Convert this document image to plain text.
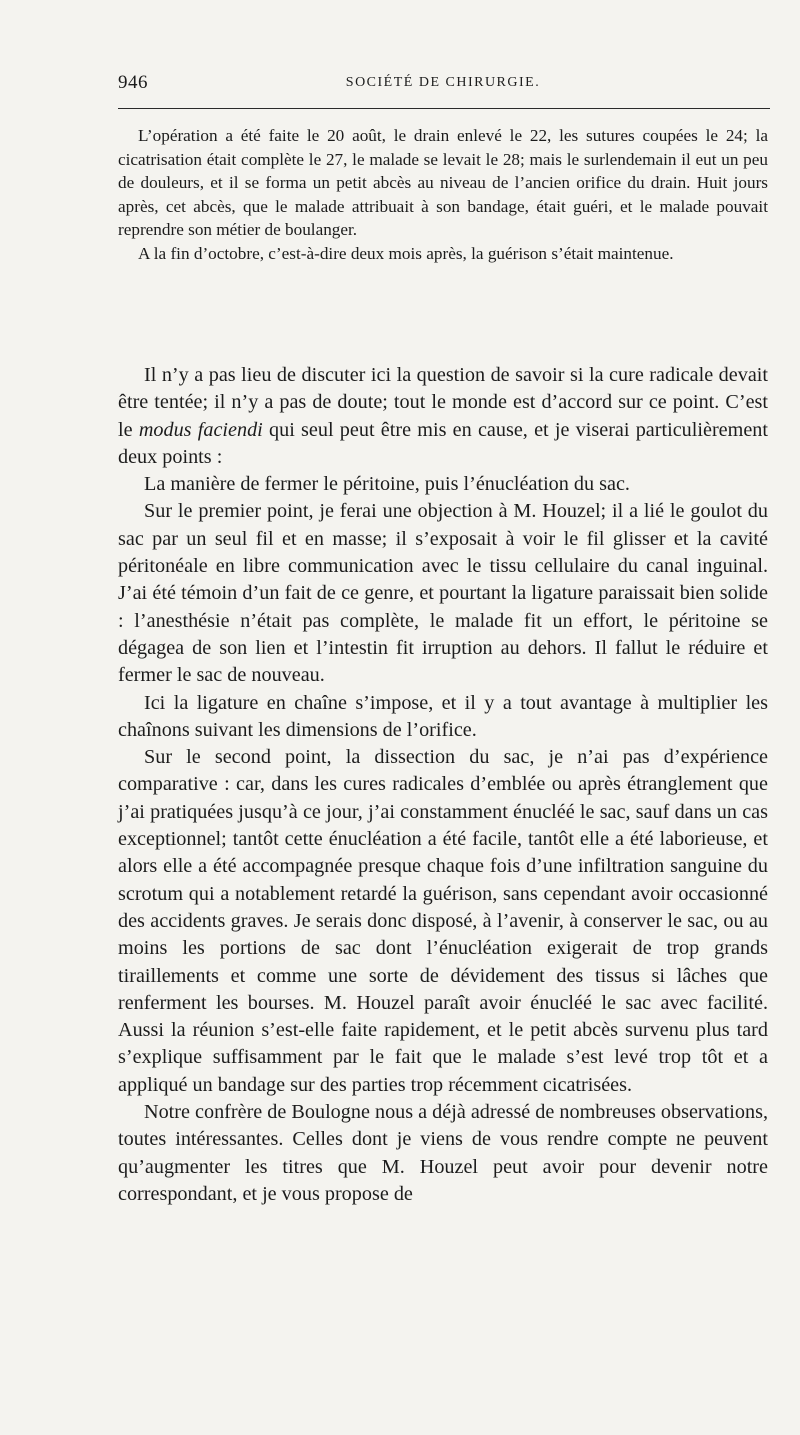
946	SOCIÉTÉ DE CHIRURGIE.

L’opération a été faite le 20 août, le drain enlevé le 22, les sutures coupées le 24; la cicatrisation était complète le 27, le malade se levait le 28; mais le surlendemain il eut un peu de douleurs, et il se forma un petit abcès au niveau de l’ancien orifice du drain. Huit jours après, cet abcès, que le malade attribuait à son bandage, était guéri, et le malade pouvait reprendre son métier de boulanger.

A la fin d’octobre, c’est-à-dire deux mois après, la guérison s’était maintenue.

Il n’y a pas lieu de discuter ici la question de savoir si la cure radicale devait être tentée; il n’y a pas de doute; tout le monde est d’accord sur ce point. C’est le modus faciendi qui seul peut être mis en cause, et je viserai particulièrement deux points :

La manière de fermer le péritoine, puis l’énucléation du sac.

Sur le premier point, je ferai une objection à M. Houzel; il a lié le goulot du sac par un seul fil et en masse; il s’exposait à voir le fil glisser et la cavité péritonéale en libre communication avec le tissu cellulaire du canal inguinal. J’ai été témoin d’un fait de ce genre, et pourtant la ligature paraissait bien solide : l’anesthésie n’était pas complète, le malade fit un effort, le péritoine se dégagea de son lien et l’intestin fit irruption au dehors. Il fallut le réduire et fermer le sac de nouveau.

Ici la ligature en chaîne s’impose, et il y a tout avantage à multiplier les chaînons suivant les dimensions de l’orifice.

Sur le second point, la dissection du sac, je n’ai pas d’expérience comparative : car, dans les cures radicales d’emblée ou après étranglement que j’ai pratiquées jusqu’à ce jour, j’ai constamment énucléé le sac, sauf dans un cas exceptionnel; tantôt cette énucléation a été facile, tantôt elle a été laborieuse, et alors elle a été accompagnée presque chaque fois d’une infiltration sanguine du scrotum qui a notablement retardé la guérison, sans cependant avoir occasionné des accidents graves. Je serais donc disposé, à l’avenir, à conserver le sac, ou au moins les portions de sac dont l’énucléation exigerait de trop grands tiraillements et comme une sorte de dévidement des tissus si lâches que renferment les bourses. M. Houzel paraît avoir énucléé le sac avec facilité. Aussi la réunion s’est-elle faite rapidement, et le petit abcès survenu plus tard s’explique suffisamment par le fait que le malade s’est levé trop tôt et a appliqué un bandage sur des parties trop récemment cicatrisées.

Notre confrère de Boulogne nous a déjà adressé de nombreuses observations, toutes intéressantes. Celles dont je viens de vous rendre compte ne peuvent qu’augmenter les titres que M. Houzel peut avoir pour devenir notre correspondant, et je vous propose de
